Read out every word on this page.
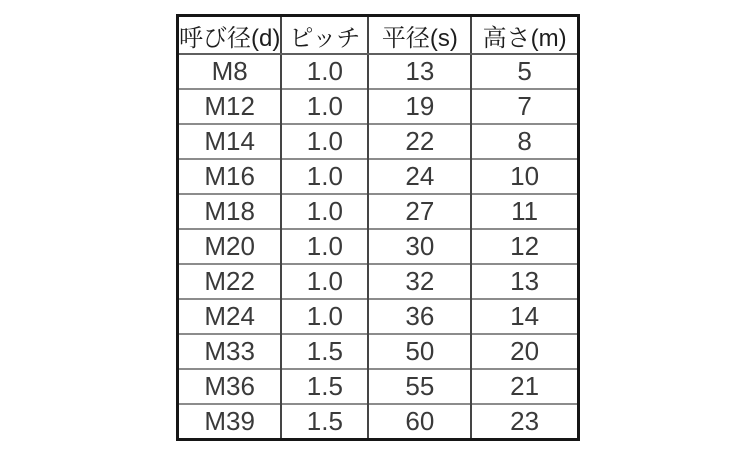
呼び径(d)	ピッチ	平径(s)	高さ(m)
M8	1.0	13	5
M12	1.0	19	7
M14	1.0	22	8
M16	1.0	24	10
M18	1.0	27	11
M20	1.0	30	12
M22	1.0	32	13
M24	1.0	36	14
M33	1.5	50	20
M36	1.5	55	21
M39	1.5	60	23
